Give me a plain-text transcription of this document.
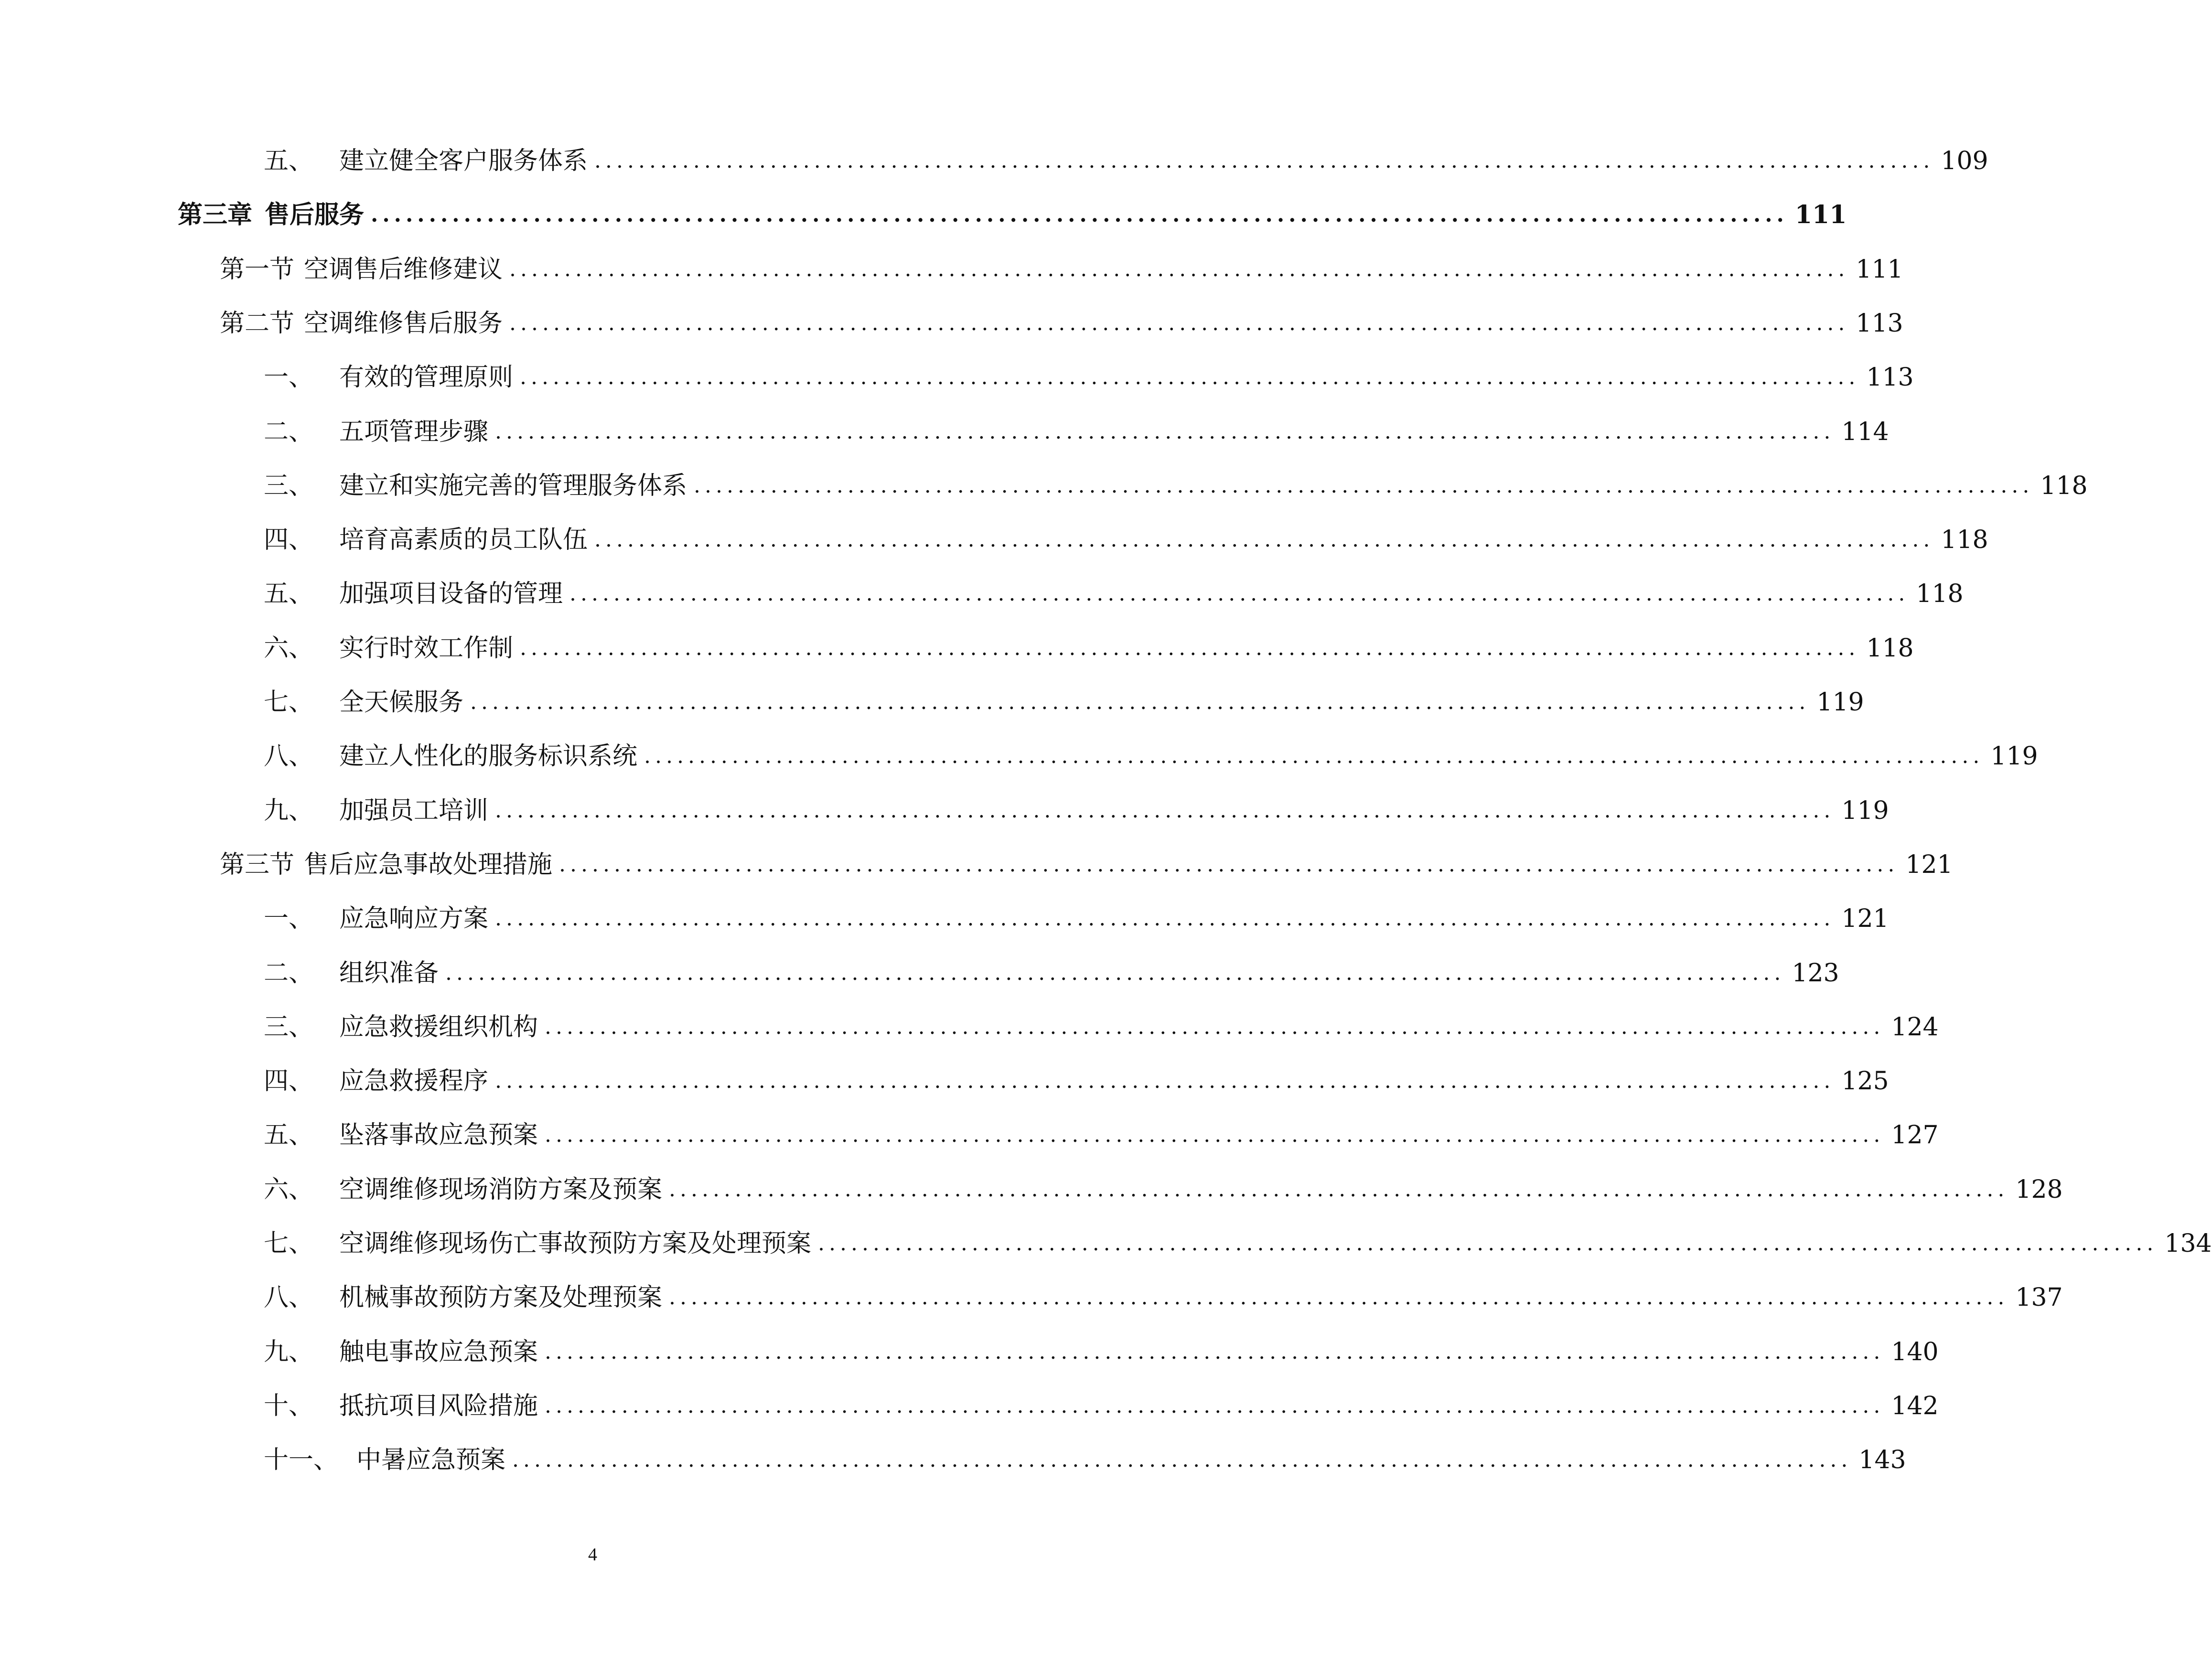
五、 建立健全客户服务体系 .......................................................................................................................... 109
第三章 售后服务 .......................................................................................................................... 111
第一节 空调售后维修建议 .......................................................................................................................... 111
第二节 空调维修售后服务 .......................................................................................................................... 113
一、 有效的管理原则 .......................................................................................................................... 113
二、 五项管理步骤 .......................................................................................................................... 114
三、 建立和实施完善的管理服务体系 .......................................................................................................................... 118
四、 培育高素质的员工队伍 .......................................................................................................................... 118
五、 加强项目设备的管理 .......................................................................................................................... 118
六、 实行时效工作制 .......................................................................................................................... 118
七、 全天候服务 .......................................................................................................................... 119
八、 建立人性化的服务标识系统 .......................................................................................................................... 119
九、 加强员工培训 .......................................................................................................................... 119
第三节 售后应急事故处理措施 .......................................................................................................................... 121
一、 应急响应方案 .......................................................................................................................... 121
二、 组织准备 .......................................................................................................................... 123
三、 应急救援组织机构 .......................................................................................................................... 124
四、 应急救援程序 .......................................................................................................................... 125
五、 坠落事故应急预案 .......................................................................................................................... 127
六、 空调维修现场消防方案及预案 .......................................................................................................................... 128
七、 空调维修现场伤亡事故预防方案及处理预案 .......................................................................................................................... 134
八、 机械事故预防方案及处理预案 .......................................................................................................................... 137
九、 触电事故应急预案 .......................................................................................................................... 140
十、 抵抗项目风险措施 .......................................................................................................................... 142
十一、 中暑应急预案 .......................................................................................................................... 143
4
